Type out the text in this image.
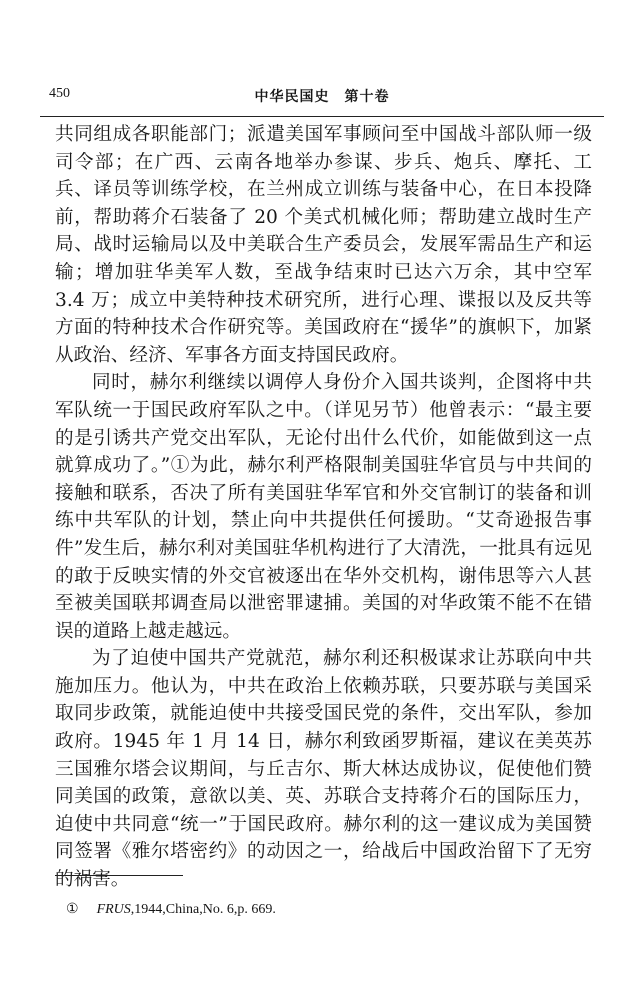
450	中华民国史　第十卷

共同组成各职能部门；派遣美国军事顾问至中国战斗部队师一级司令部；在广西、云南各地举办参谋、步兵、炮兵、摩托、工兵、译员等训练学校，在兰州成立训练与装备中心，在日本投降前，帮助蒋介石装备了 20 个美式机械化师；帮助建立战时生产局、战时运输局以及中美联合生产委员会，发展军需品生产和运输；增加驻华美军人数，至战争结束时已达六万余，其中空军 3.4 万；成立中美特种技术研究所，进行心理、谍报以及反共等方面的特种技术合作研究等。美国政府在“援华”的旗帜下，加紧从政治、经济、军事各方面支持国民政府。

同时，赫尔利继续以调停人身份介入国共谈判，企图将中共军队统一于国民政府军队之中。（详见另节）他曾表示：“最主要的是引诱共产党交出军队，无论付出什么代价，如能做到这一点就算成功了。”①为此，赫尔利严格限制美国驻华官员与中共间的接触和联系，否决了所有美国驻华军官和外交官制订的装备和训练中共军队的计划，禁止向中共提供任何援助。“艾奇逊报告事件”发生后，赫尔利对美国驻华机构进行了大清洗，一批具有远见的敢于反映实情的外交官被逐出在华外交机构，谢伟思等六人甚至被美国联邦调查局以泄密罪逮捕。美国的对华政策不能不在错误的道路上越走越远。

为了迫使中国共产党就范，赫尔利还积极谋求让苏联向中共施加压力。他认为，中共在政治上依赖苏联，只要苏联与美国采取同步政策，就能迫使中共接受国民党的条件，交出军队，参加政府。1945 年 1 月 14 日，赫尔利致函罗斯福，建议在美英苏三国雅尔塔会议期间，与丘吉尔、斯大林达成协议，促使他们赞同美国的政策，意欲以美、英、苏联合支持蒋介石的国际压力，迫使中共同意“统一”于国民政府。赫尔利的这一建议成为美国赞同签署《雅尔塔密约》的动因之一，给战后中国政治留下了无穷的祸害。

① FRUS,1944,China,No. 6,p. 669.
